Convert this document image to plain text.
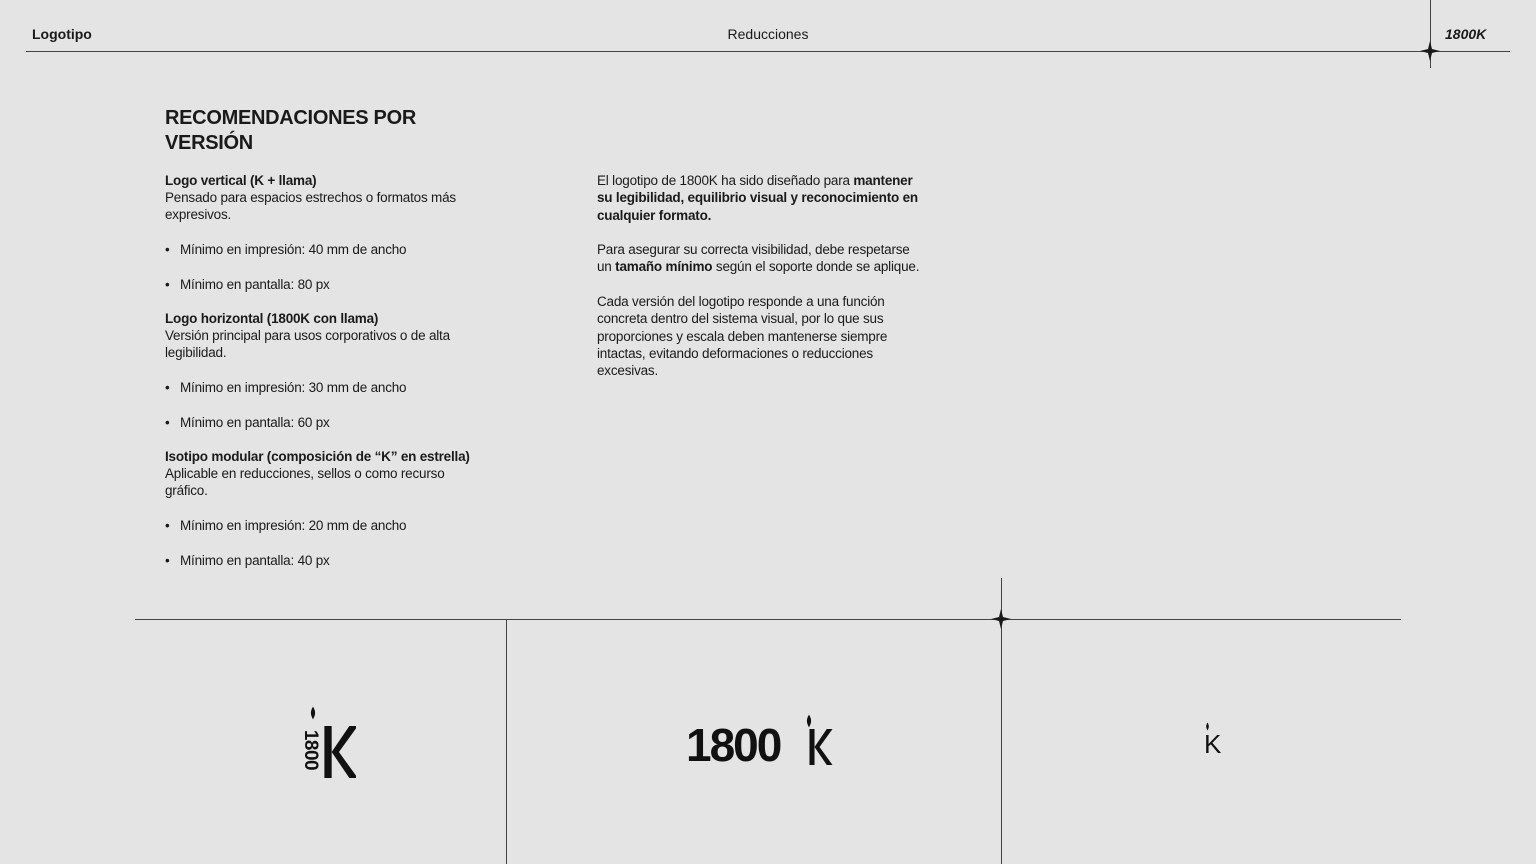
Logotipo	Reducciones	1800K
RECOMENDACIONES POR VERSIÓN
Logo vertical (K + llama)
Pensado para espacios estrechos o formatos más expresivos.
• Mínimo en impresión: 40 mm de ancho
• Mínimo en pantalla: 80 px
Logo horizontal (1800K con llama)
Versión principal para usos corporativos o de alta legibilidad.
• Mínimo en impresión: 30 mm de ancho
• Mínimo en pantalla: 60 px
Isotipo modular (composición de “K” en estrella)
Aplicable en reducciones, sellos o como recurso gráfico.
• Mínimo en impresión: 20 mm de ancho
• Mínimo en pantalla: 40 px

El logotipo de 1800K ha sido diseñado para mantener su legibilidad, equilibrio visual y reconocimiento en cualquier formato.

Para asegurar su correcta visibilidad, debe respetarse un tamaño mínimo según el soporte donde se aplique.

Cada versión del logotipo responde a una función concreta dentro del sistema visual, por lo que sus proporciones y escala deben mantenerse siempre intactas, evitando deformaciones o reducciones excesivas.

1800	1800	K
